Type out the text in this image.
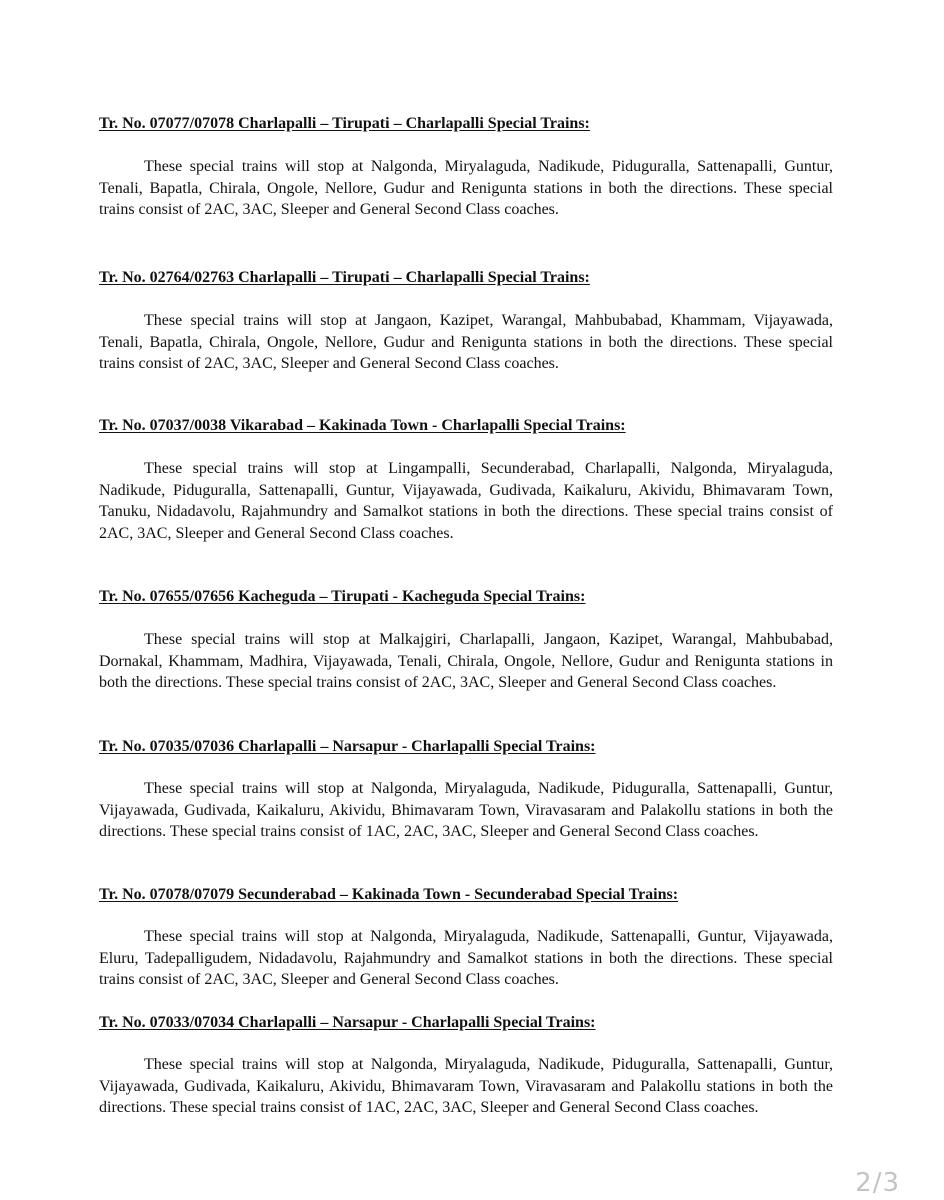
Tr. No. 07077/07078 Charlapalli – Tirupati – Charlapalli Special Trains:
These special trains will stop at Nalgonda, Miryalaguda, Nadikude, Piduguralla, Sattenapalli, Guntur, Tenali, Bapatla, Chirala, Ongole, Nellore, Gudur and Renigunta stations in both the directions. These special trains consist of 2AC, 3AC, Sleeper and General Second Class coaches.
Tr. No. 02764/02763 Charlapalli – Tirupati – Charlapalli Special Trains:
These special trains will stop at Jangaon, Kazipet, Warangal, Mahbubabad, Khammam, Vijayawada, Tenali, Bapatla, Chirala, Ongole, Nellore, Gudur and Renigunta stations in both the directions. These special trains consist of 2AC, 3AC, Sleeper and General Second Class coaches.
Tr. No. 07037/0038 Vikarabad – Kakinada Town - Charlapalli Special Trains:
These special trains will stop at Lingampalli, Secunderabad, Charlapalli, Nalgonda, Miryalaguda, Nadikude, Piduguralla, Sattenapalli, Guntur, Vijayawada, Gudivada, Kaikaluru, Akividu, Bhimavaram Town, Tanuku, Nidadavolu, Rajahmundry and Samalkot stations in both the directions. These special trains consist of 2AC, 3AC, Sleeper and General Second Class coaches.
Tr. No. 07655/07656 Kacheguda – Tirupati - Kacheguda Special Trains:
These special trains will stop at Malkajgiri, Charlapalli, Jangaon, Kazipet, Warangal, Mahbubabad, Dornakal, Khammam, Madhira, Vijayawada, Tenali, Chirala, Ongole, Nellore, Gudur and Renigunta stations in both the directions. These special trains consist of 2AC, 3AC, Sleeper and General Second Class coaches.
Tr. No. 07035/07036 Charlapalli – Narsapur - Charlapalli Special Trains:
These special trains will stop at Nalgonda, Miryalaguda, Nadikude, Piduguralla, Sattenapalli, Guntur, Vijayawada, Gudivada, Kaikaluru, Akividu, Bhimavaram Town, Viravasaram and Palakollu stations in both the directions. These special trains consist of 1AC, 2AC, 3AC, Sleeper and General Second Class coaches.
Tr. No. 07078/07079 Secunderabad – Kakinada Town - Secunderabad Special Trains:
These special trains will stop at Nalgonda, Miryalaguda, Nadikude, Sattenapalli, Guntur, Vijayawada, Eluru, Tadepalligudem, Nidadavolu, Rajahmundry and Samalkot stations in both the directions. These special trains consist of 2AC, 3AC, Sleeper and General Second Class coaches.
Tr. No. 07033/07034 Charlapalli – Narsapur - Charlapalli Special Trains:
These special trains will stop at Nalgonda, Miryalaguda, Nadikude, Piduguralla, Sattenapalli, Guntur, Vijayawada, Gudivada, Kaikaluru, Akividu, Bhimavaram Town, Viravasaram and Palakollu stations in both the directions. These special trains consist of 1AC, 2AC, 3AC, Sleeper and General Second Class coaches.
2/3
